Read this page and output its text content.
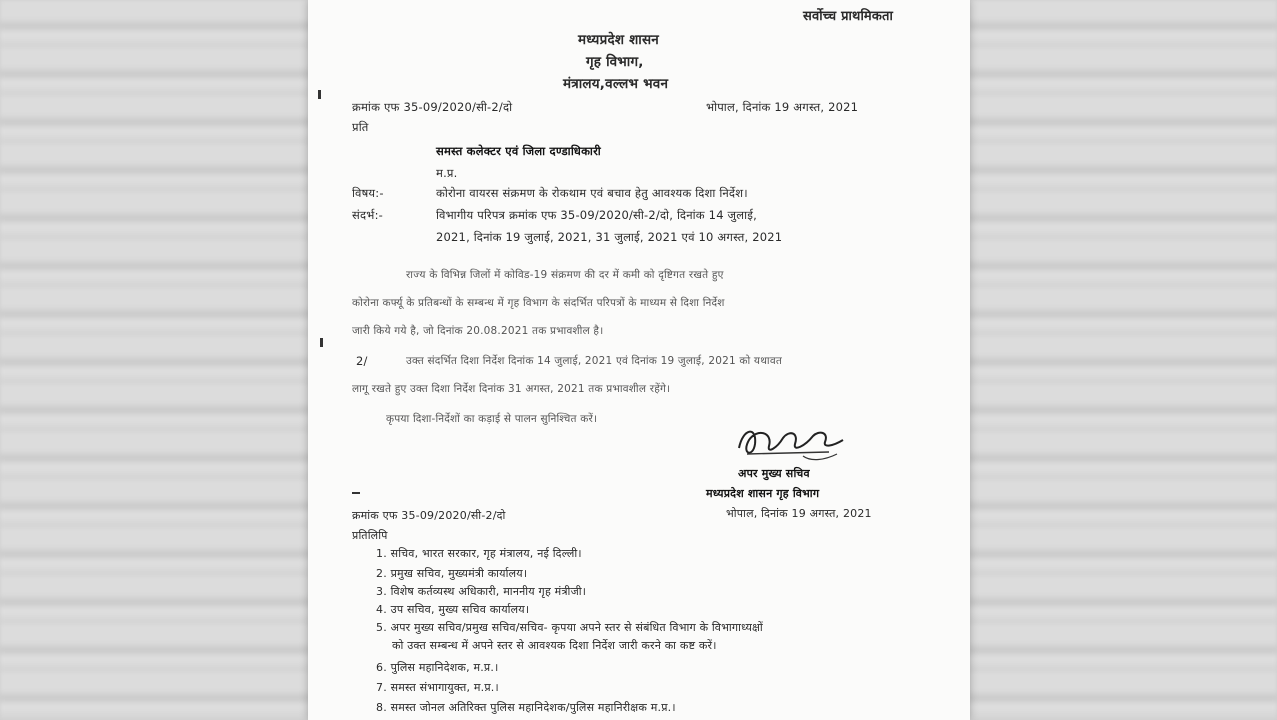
सर्वोच्च प्राथमिकता
मध्यप्रदेश शासन
गृह विभाग,
मंत्रालय,वल्लभ भवन
क्रमांक एफ 35-09/2020/सी-2/दो	भोपाल, दिनांक 19 अगस्त, 2021
प्रति
समस्त कलेक्टर एवं जिला दण्डाधिकारी
म.प्र.
विषय:-	कोरोना वायरस संक्रमण के रोकथाम एवं बचाव हेतु आवश्यक दिशा निर्देश।
संदर्भ:-	विभागीय परिपत्र क्रमांक एफ 35-09/2020/सी-2/दो, दिनांक 14 जुलाई,
2021, दिनांक 19 जुलाई, 2021, 31 जुलाई, 2021 एवं 10 अगस्त, 2021
राज्य के विभिन्न जिलों में कोविड-19 संक्रमण की दर में कमी को दृष्टिगत रखते हुए
कोरोना कर्फ्यू के प्रतिबन्धों के सम्बन्ध में गृह विभाग के संदर्भित परिपत्रों के माध्यम से दिशा निर्देश
जारी किये गये है, जो दिनांक 20.08.2021 तक प्रभावशील है।
2/	उक्त संदर्भित दिशा निर्देश दिनांक 14 जुलाई, 2021 एवं दिनांक 19 जुलाई, 2021 को यथावत
लागू रखते हुए उक्त दिशा निर्देश दिनांक 31 अगस्त, 2021 तक प्रभावशील रहेंगे।
कृपया दिशा-निर्देशों का कड़ाई से पालन सुनिश्चित करें।
अपर मुख्य सचिव
मध्यप्रदेश शासन गृह विभाग
क्रमांक एफ 35-09/2020/सी-2/दो	भोपाल, दिनांक 19 अगस्त, 2021
प्रतिलिपि
1. सचिव, भारत सरकार, गृह मंत्रालय, नई दिल्ली।
2. प्रमुख सचिव, मुख्यमंत्री कार्यालय।
3. विशेष कर्तव्यस्थ अधिकारी, माननीय गृह मंत्रीजी।
4. उप सचिव, मुख्य सचिव कार्यालय।
5. अपर मुख्य सचिव/प्रमुख सचिव/सचिव- कृपया अपने स्तर से संबंधित विभाग के विभागाध्यक्षों
को उक्त सम्बन्ध में अपने स्तर से आवश्यक दिशा निर्देश जारी करने का कष्ट करें।
6. पुलिस महानिदेशक, म.प्र.।
7. समस्त संभागायुक्त, म.प्र.।
8. समस्त जोनल अतिरिक्त पुलिस महानिदेशक/पुलिस महानिरीक्षक म.प्र.।
